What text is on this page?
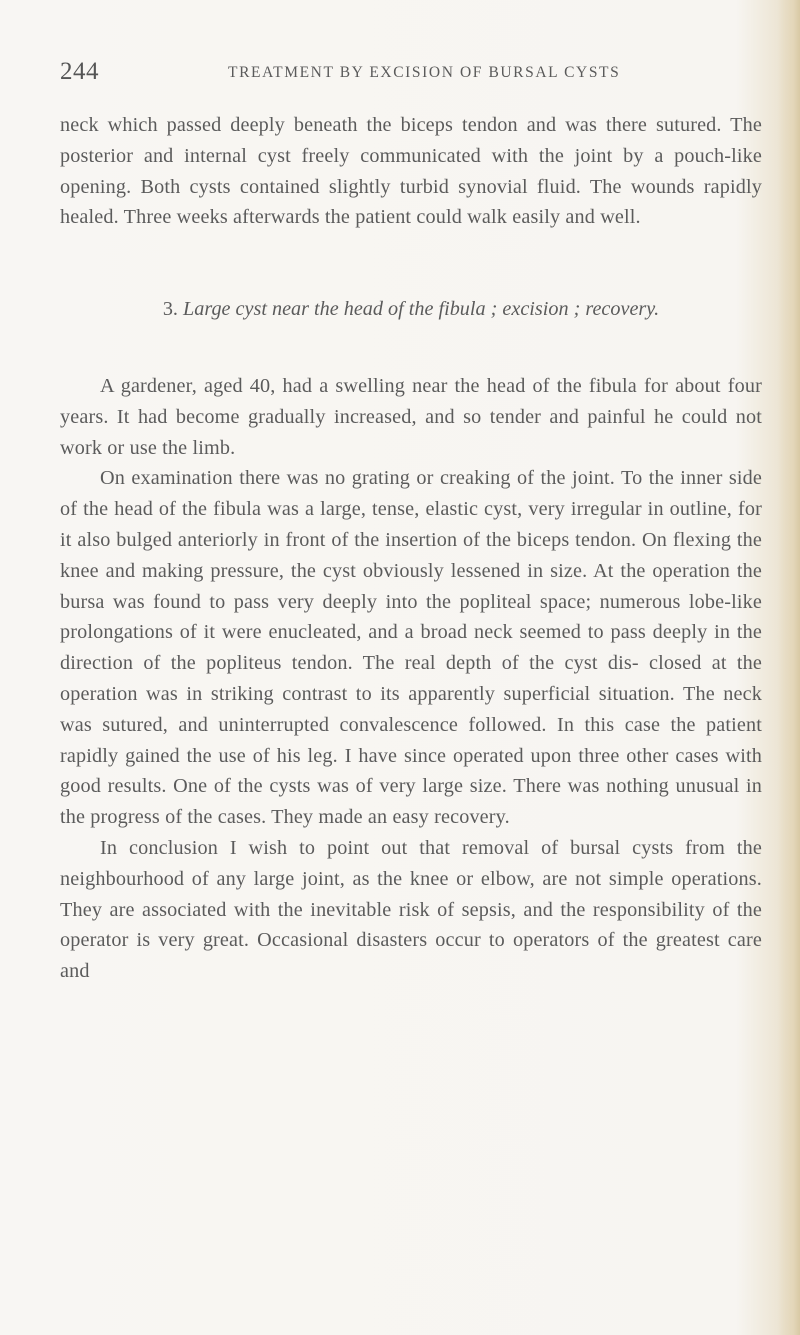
244	TREATMENT BY EXCISION OF BURSAL CYSTS

neck which passed deeply beneath the biceps tendon and was there sutured. The posterior and internal cyst freely communicated with the joint by a pouch-like opening. Both cysts contained slightly turbid synovial fluid. The wounds rapidly healed. Three weeks afterwards the patient could walk easily and well.

3. Large cyst near the head of the fibula ; excision ; recovery.

A gardener, aged 40, had a swelling near the head of the fibula for about four years. It had become gradually increased, and so tender and painful he could not work or use the limb.

On examination there was no grating or creaking of the joint. To the inner side of the head of the fibula was a large, tense, elastic cyst, very irregular in outline, for it also bulged anteriorly in front of the insertion of the biceps tendon. On flexing the knee and making pressure, the cyst obviously lessened in size. At the operation the bursa was found to pass very deeply into the popliteal space; numerous lobe-like prolongations of it were enucleated, and a broad neck seemed to pass deeply in the direction of the popliteus tendon. The real depth of the cyst dis- closed at the operation was in striking contrast to its apparently superficial situation. The neck was sutured, and uninterrupted convalescence followed. In this case the patient rapidly gained the use of his leg. I have since operated upon three other cases with good results. One of the cysts was of very large size. There was nothing unusual in the progress of the cases. They made an easy recovery.

In conclusion I wish to point out that removal of bursal cysts from the neighbourhood of any large joint, as the knee or elbow, are not simple operations. They are associated with the inevitable risk of sepsis, and the responsibility of the operator is very great. Occasional disasters occur to operators of the greatest care and
